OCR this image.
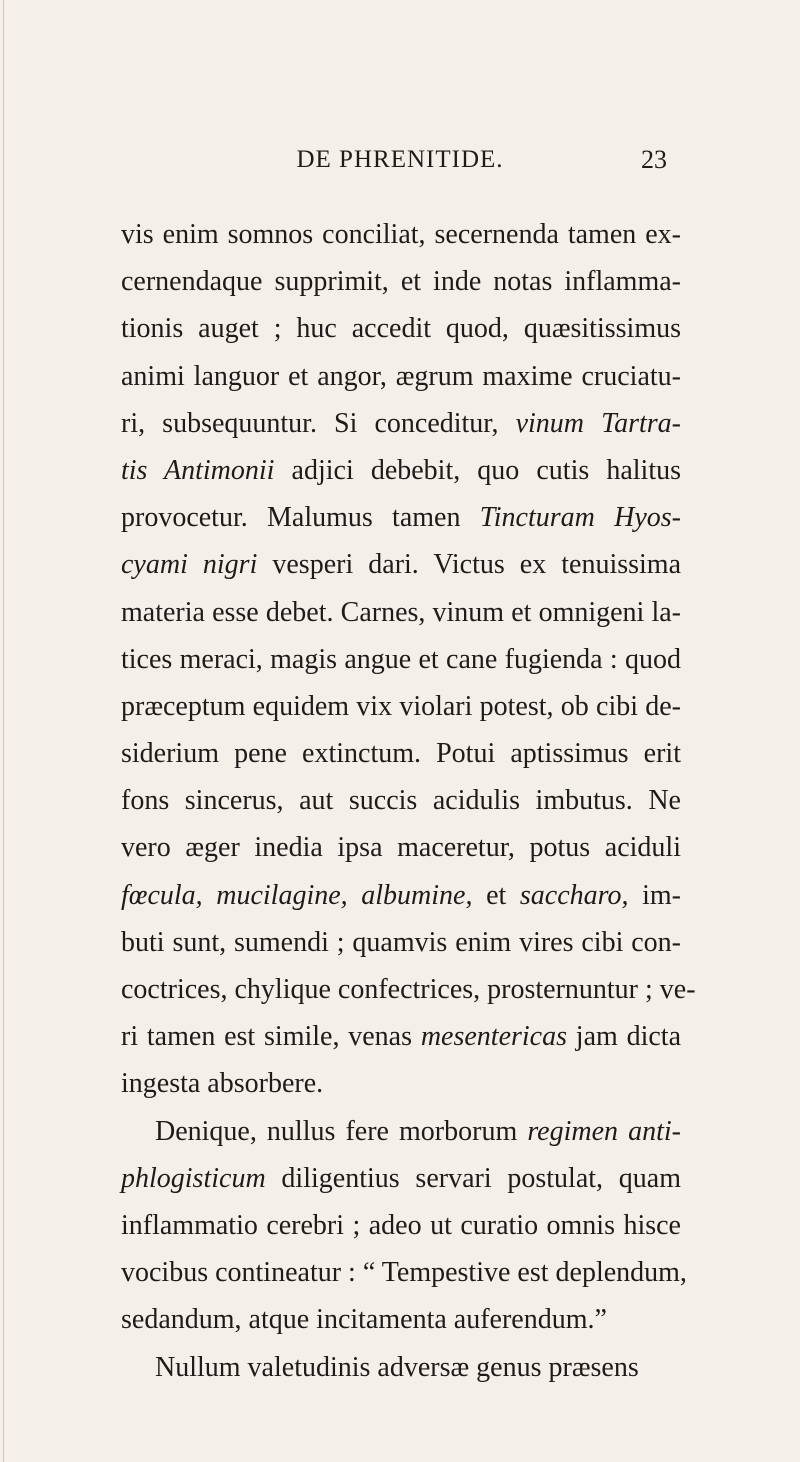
DE PHRENITIDE.	23
vis enim somnos conciliat, secernenda tamen ex-
cernendaque supprimit, et inde notas inflamma-
tionis auget ; huc accedit quod, quæsitissimus
animi languor et angor, ægrum maxime cruciatu-
ri, subsequuntur. Si conceditur, vinum Tartra-
tis Antimonii adjici debebit, quo cutis halitus
provocetur. Malumus tamen Tincturam Hyos-
cyami nigri vesperi dari. Victus ex tenuissima
materia esse debet. Carnes, vinum et omnigeni la-
tices meraci, magis angue et cane fugienda : quod
præceptum equidem vix violari potest, ob cibi de-
siderium pene extinctum. Potui aptissimus erit
fons sincerus, aut succis acidulis imbutus. Ne
vero æger inedia ipsa maceretur, potus aciduli
fœcula, mucilagine, albumine, et saccharo, im-
buti sunt, sumendi ; quamvis enim vires cibi con-
coctrices, chylique confectrices, prosternuntur ; ve-
ri tamen est simile, venas mesentericas jam dicta
ingesta absorbere.
Denique, nullus fere morborum regimen anti-
phlogisticum diligentius servari postulat, quam
inflammatio cerebri ; adeo ut curatio omnis hisce
vocibus contineatur : “ Tempestive est deplendum,
sedandum, atque incitamenta auferendum.”
Nullum valetudinis adversæ genus præsens
